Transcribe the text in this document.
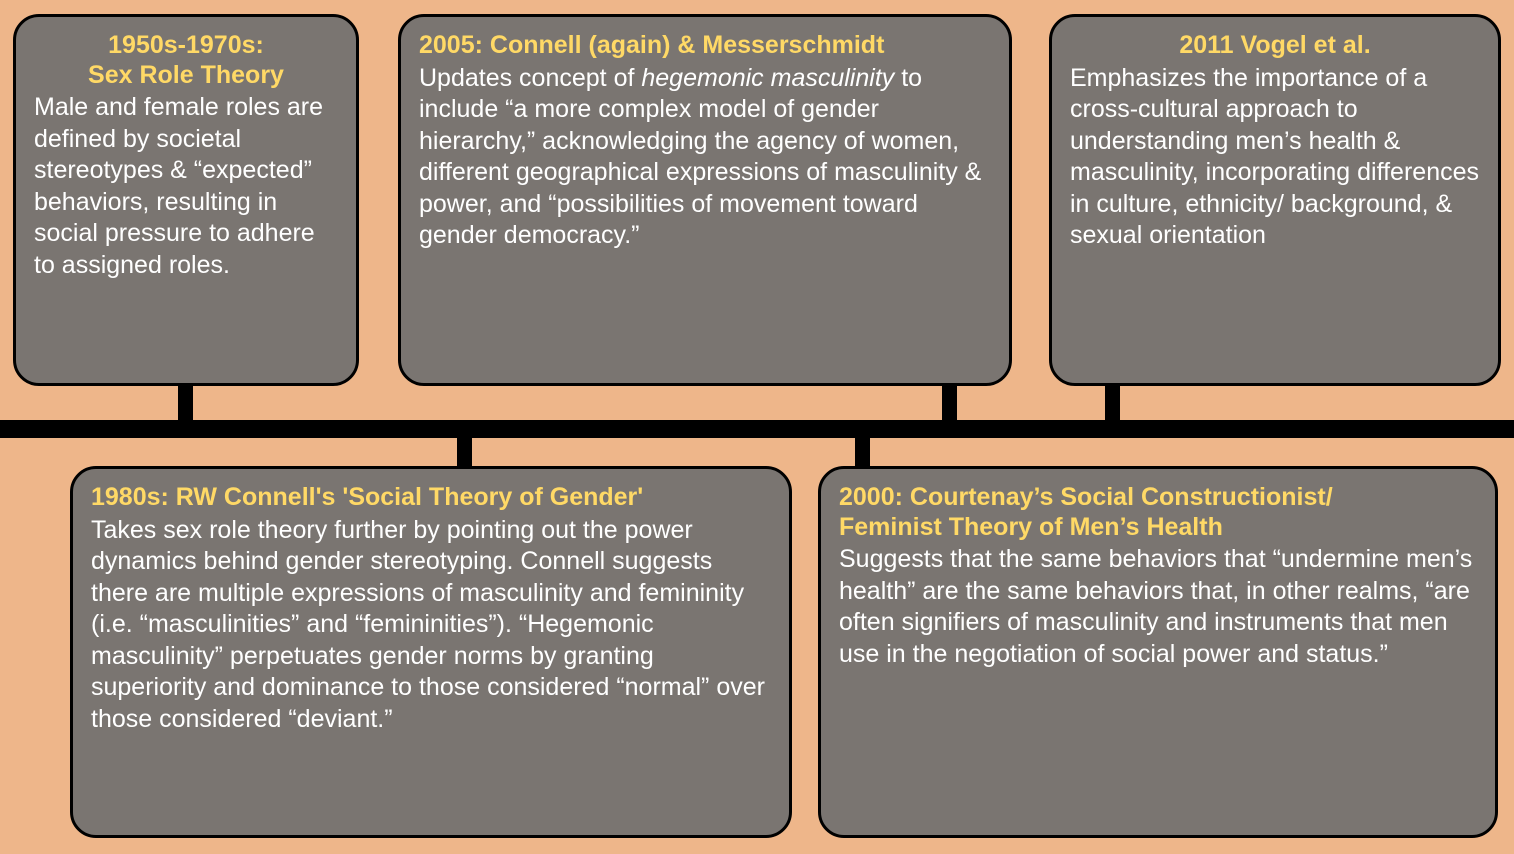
1950s-1970s:
Sex Role Theory
Male and female roles are defined by societal stereotypes & “expected” behaviors, resulting in social pressure to adhere to assigned roles.
2005: Connell (again) & Messerschmidt
Updates concept of hegemonic masculinity to include “a more complex model of gender hierarchy,” acknowledging the agency of women, different geographical expressions of masculinity & power, and “possibilities of movement toward gender democracy.”
2011 Vogel et al.
Emphasizes the importance of a cross-cultural approach to understanding men’s health & masculinity, incorporating differences in culture, ethnicity/ background, & sexual orientation
1980s: RW Connell's 'Social Theory of Gender'
Takes sex role theory further by pointing out the power dynamics behind gender stereotyping. Connell suggests there are multiple expressions of masculinity and femininity (i.e. “masculinities” and “femininities”). “Hegemonic masculinity” perpetuates gender norms by granting superiority and dominance to those considered “normal” over those considered “deviant.”
2000: Courtenay’s Social Constructionist/
Feminist Theory of Men’s Health
Suggests that the same behaviors that “undermine men’s health” are the same behaviors that, in other realms, “are often signifiers of masculinity and instruments that men use in the negotiation of social power and status.”
